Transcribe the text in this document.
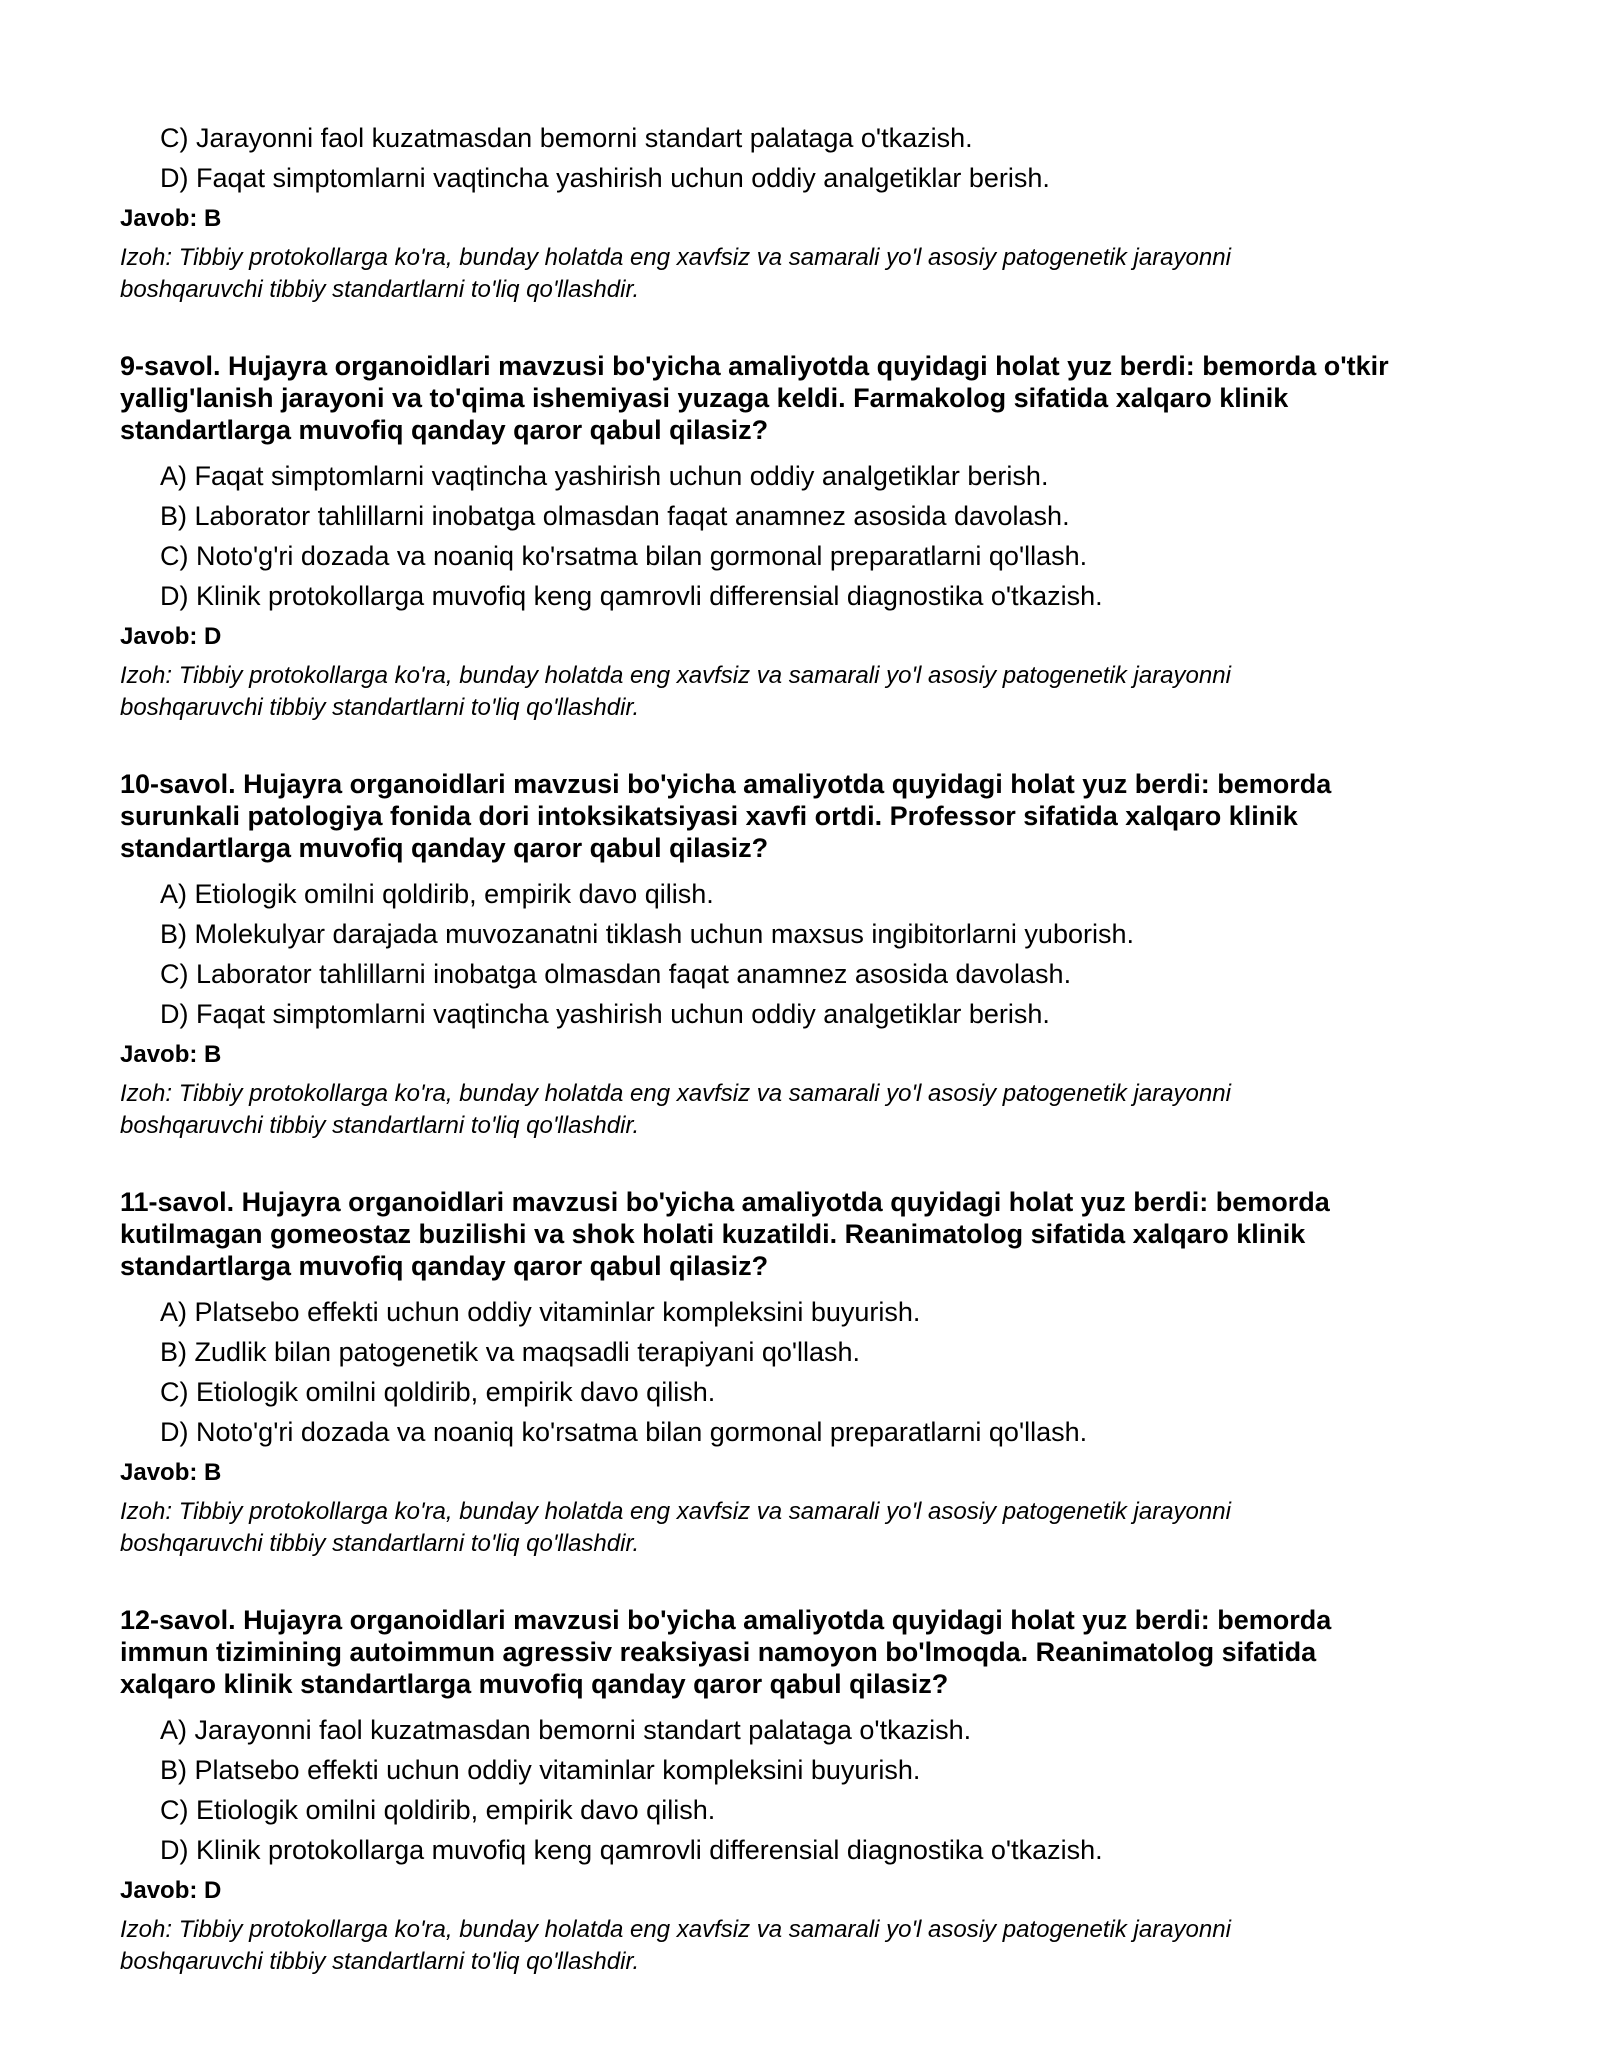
C) Jarayonni faol kuzatmasdan bemorni standart palataga o'tkazish.
D) Faqat simptomlarni vaqtincha yashirish uchun oddiy analgetiklar berish.
Javob: B
Izoh: Tibbiy protokollarga ko'ra, bunday holatda eng xavfsiz va samarali yo'l asosiy patogenetik jarayonni
boshqaruvchi tibbiy standartlarni to'liq qo'llashdir.
9-savol. Hujayra organoidlari mavzusi bo'yicha amaliyotda quyidagi holat yuz berdi: bemorda o'tkir
yallig'lanish jarayoni va to'qima ishemiyasi yuzaga keldi. Farmakolog sifatida xalqaro klinik
standartlarga muvofiq qanday qaror qabul qilasiz?
A) Faqat simptomlarni vaqtincha yashirish uchun oddiy analgetiklar berish.
B) Laborator tahlillarni inobatga olmasdan faqat anamnez asosida davolash.
C) Noto'g'ri dozada va noaniq ko'rsatma bilan gormonal preparatlarni qo'llash.
D) Klinik protokollarga muvofiq keng qamrovli differensial diagnostika o'tkazish.
Javob: D
Izoh: Tibbiy protokollarga ko'ra, bunday holatda eng xavfsiz va samarali yo'l asosiy patogenetik jarayonni
boshqaruvchi tibbiy standartlarni to'liq qo'llashdir.
10-savol. Hujayra organoidlari mavzusi bo'yicha amaliyotda quyidagi holat yuz berdi: bemorda
surunkali patologiya fonida dori intoksikatsiyasi xavfi ortdi. Professor sifatida xalqaro klinik
standartlarga muvofiq qanday qaror qabul qilasiz?
A) Etiologik omilni qoldirib, empirik davo qilish.
B) Molekulyar darajada muvozanatni tiklash uchun maxsus ingibitorlarni yuborish.
C) Laborator tahlillarni inobatga olmasdan faqat anamnez asosida davolash.
D) Faqat simptomlarni vaqtincha yashirish uchun oddiy analgetiklar berish.
Javob: B
Izoh: Tibbiy protokollarga ko'ra, bunday holatda eng xavfsiz va samarali yo'l asosiy patogenetik jarayonni
boshqaruvchi tibbiy standartlarni to'liq qo'llashdir.
11-savol. Hujayra organoidlari mavzusi bo'yicha amaliyotda quyidagi holat yuz berdi: bemorda
kutilmagan gomeostaz buzilishi va shok holati kuzatildi. Reanimatolog sifatida xalqaro klinik
standartlarga muvofiq qanday qaror qabul qilasiz?
A) Platsebo effekti uchun oddiy vitaminlar kompleksini buyurish.
B) Zudlik bilan patogenetik va maqsadli terapiyani qo'llash.
C) Etiologik omilni qoldirib, empirik davo qilish.
D) Noto'g'ri dozada va noaniq ko'rsatma bilan gormonal preparatlarni qo'llash.
Javob: B
Izoh: Tibbiy protokollarga ko'ra, bunday holatda eng xavfsiz va samarali yo'l asosiy patogenetik jarayonni
boshqaruvchi tibbiy standartlarni to'liq qo'llashdir.
12-savol. Hujayra organoidlari mavzusi bo'yicha amaliyotda quyidagi holat yuz berdi: bemorda
immun tizimining autoimmun agressiv reaksiyasi namoyon bo'lmoqda. Reanimatolog sifatida
xalqaro klinik standartlarga muvofiq qanday qaror qabul qilasiz?
A) Jarayonni faol kuzatmasdan bemorni standart palataga o'tkazish.
B) Platsebo effekti uchun oddiy vitaminlar kompleksini buyurish.
C) Etiologik omilni qoldirib, empirik davo qilish.
D) Klinik protokollarga muvofiq keng qamrovli differensial diagnostika o'tkazish.
Javob: D
Izoh: Tibbiy protokollarga ko'ra, bunday holatda eng xavfsiz va samarali yo'l asosiy patogenetik jarayonni
boshqaruvchi tibbiy standartlarni to'liq qo'llashdir.
